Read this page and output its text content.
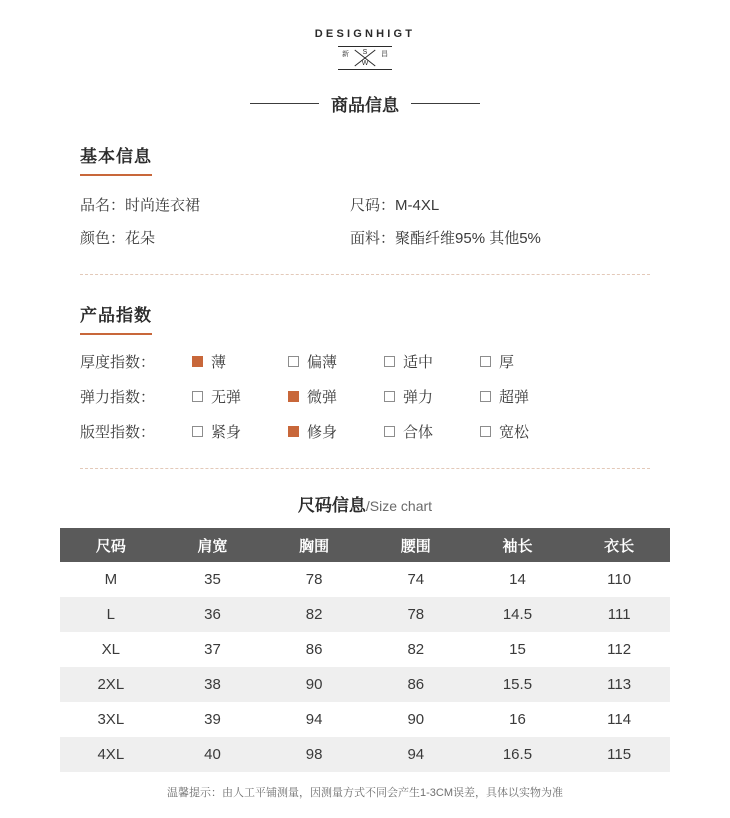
DESIGNHIGT
新 S 昌
W
商品信息
基本信息
品名：时尚连衣裙	尺码：M-4XL
颜色：花朵	面料：聚酯纤维95% 其他5%
产品指数
厚度指数：	薄	偏薄	适中	厚
弹力指数：	无弹	微弹	弹力	超弹
版型指数：	紧身	修身	合体	宽松
尺码信息/Size chart
尺码	肩宽	胸围	腰围	袖长	衣长
M	35	78	74	14	110
L	36	82	78	14.5	111
XL	37	86	82	15	112
2XL	38	90	86	15.5	113
3XL	39	94	90	16	114
4XL	40	98	94	16.5	115
温馨提示：由人工平铺测量，因测量方式不同会产生1-3CM误差，具体以实物为准
